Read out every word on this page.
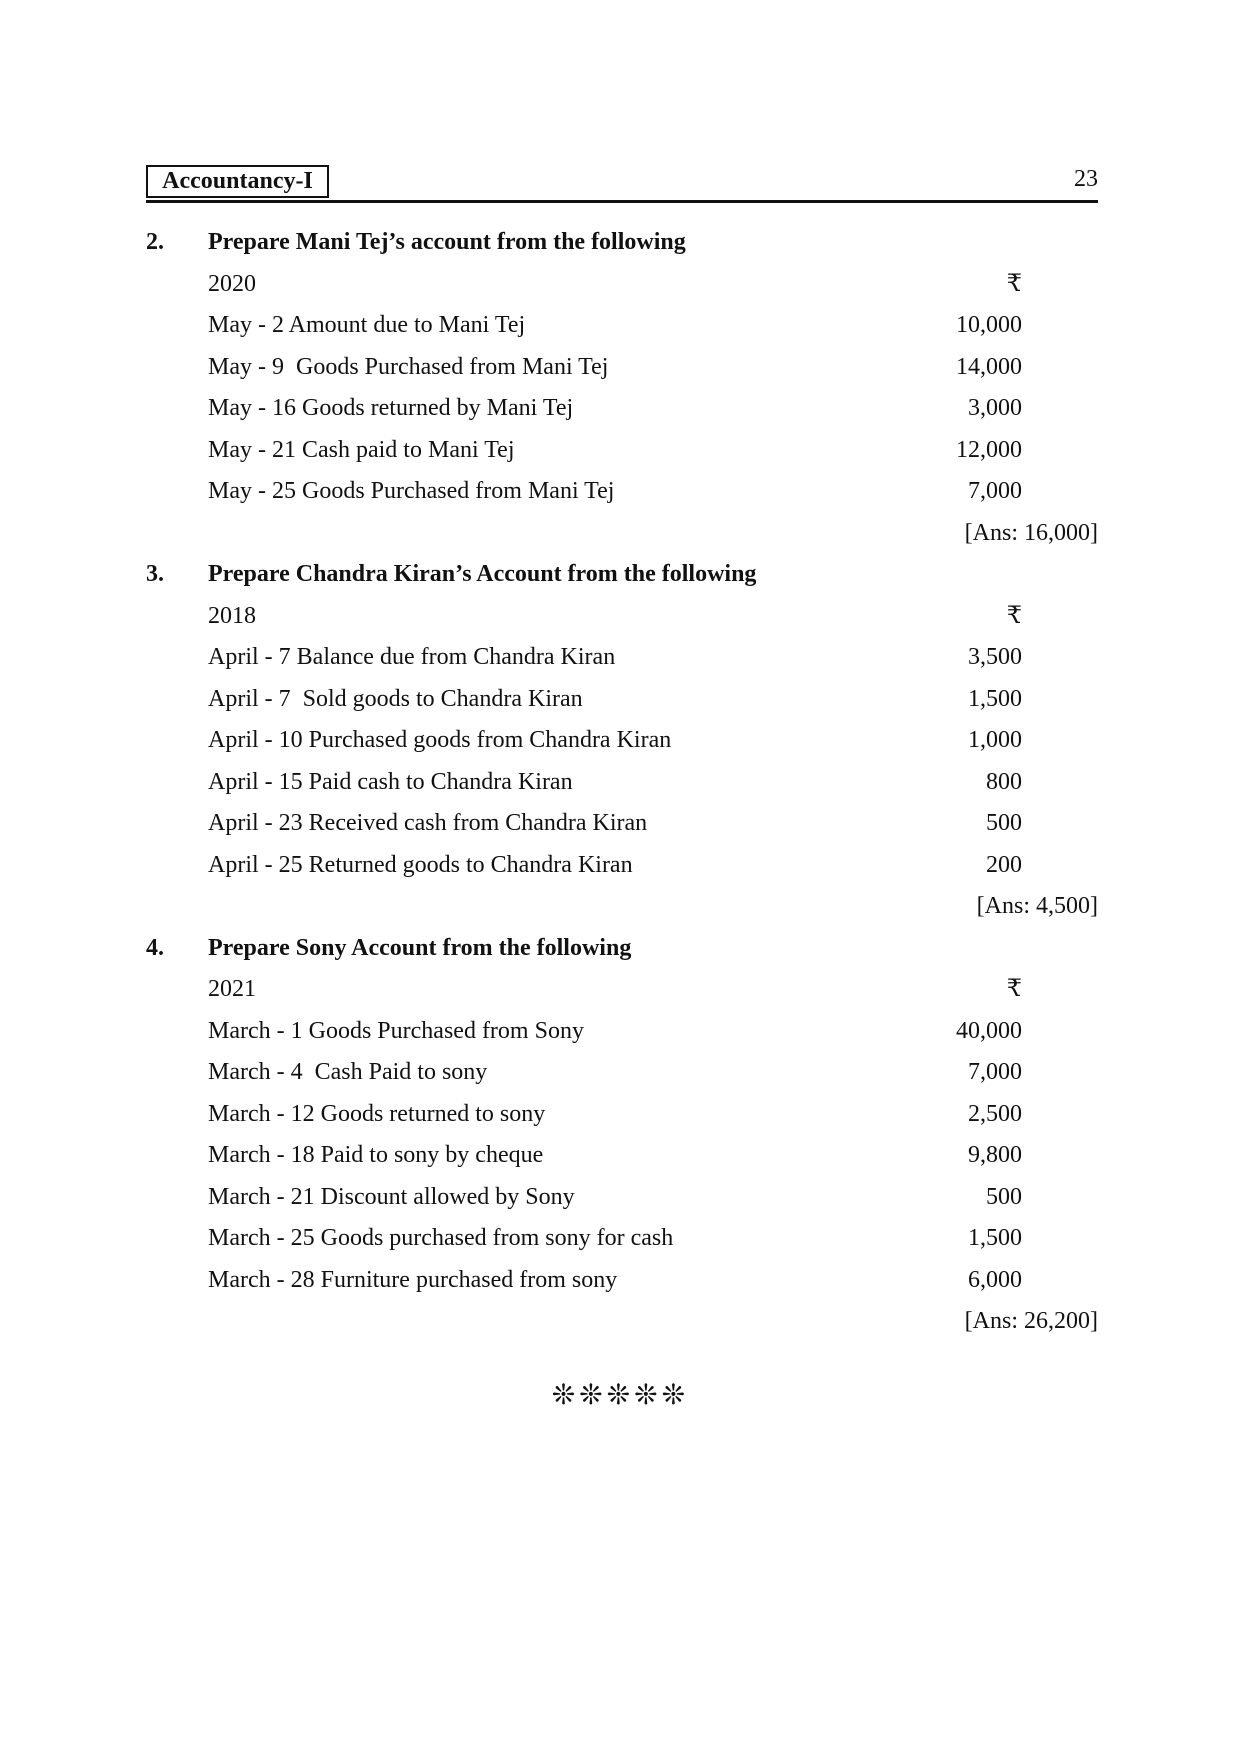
Accountancy-I	23
2. Prepare Mani Tej’s account from the following
2020	₹
May - 2 Amount due to Mani Tej	10,000
May - 9  Goods Purchased from Mani Tej	14,000
May - 16 Goods returned by Mani Tej	3,000
May - 21 Cash paid to Mani Tej	12,000
May - 25 Goods Purchased from Mani Tej	7,000
[Ans: 16,000]
3. Prepare Chandra Kiran’s Account from the following
2018	₹
April - 7 Balance due from Chandra Kiran	3,500
April - 7  Sold goods to Chandra Kiran	1,500
April - 10 Purchased goods from Chandra Kiran	1,000
April - 15 Paid cash to Chandra Kiran	800
April - 23 Received cash from Chandra Kiran	500
April - 25 Returned goods to Chandra Kiran	200
[Ans: 4,500]
4. Prepare Sony Account from the following
2021	₹
March - 1 Goods Purchased from Sony	40,000
March - 4  Cash Paid to sony	7,000
March - 12 Goods returned to sony	2,500
March - 18 Paid to sony by cheque	9,800
March - 21 Discount allowed by Sony	500
March - 25 Goods purchased from sony for cash	1,500
March - 28 Furniture purchased from sony	6,000
[Ans: 26,200]
❊❊❊❊❊
